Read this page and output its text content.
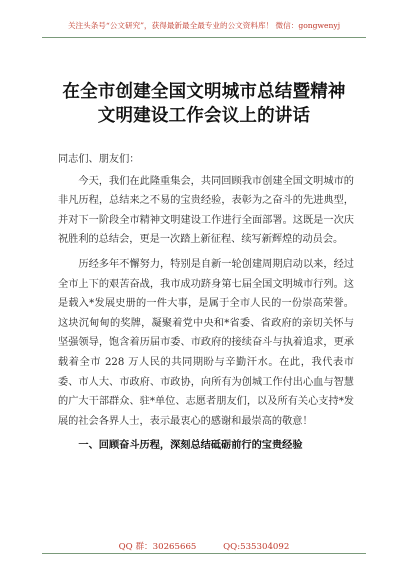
关注头条号“公文研究”，获得最新最全最专业的公文资料库！ 微信：gongwenyj
在全市创建全国文明城市总结暨精神
文明建设工作会议上的讲话

同志们、朋友们：

今天，我们在此隆重集会，共同回顾我市创建全国文明城市的非凡历程，总结来之不易的宝贵经验，表彰为之奋斗的先进典型，并对下一阶段全市精神文明建设工作进行全面部署。这既是一次庆祝胜利的总结会，更是一次踏上新征程、续写新辉煌的动员会。

历经多年不懈努力，特别是自新一轮创建周期启动以来，经过全市上下的艰苦奋战，我市成功跻身第七届全国文明城市行列。这是载入*发展史册的一件大事，是属于全市人民的一份崇高荣誉。这块沉甸甸的奖牌，凝聚着党中央和*省委、省政府的亲切关怀与坚强领导，饱含着历届市委、市政府的接续奋斗与执着追求，更承载着全市 228 万人民的共同期盼与辛勤汗水。在此，我代表市委、市人大、市政府、市政协，向所有为创城工作付出心血与智慧的广大干部群众、驻*单位、志愿者朋友们，以及所有关心支持*发展的社会各界人士，表示最衷心的感谢和最崇高的敬意！

一、回顾奋斗历程，深刻总结砥砺前行的宝贵经验

QQ 群：30265665	QQ:535304092
